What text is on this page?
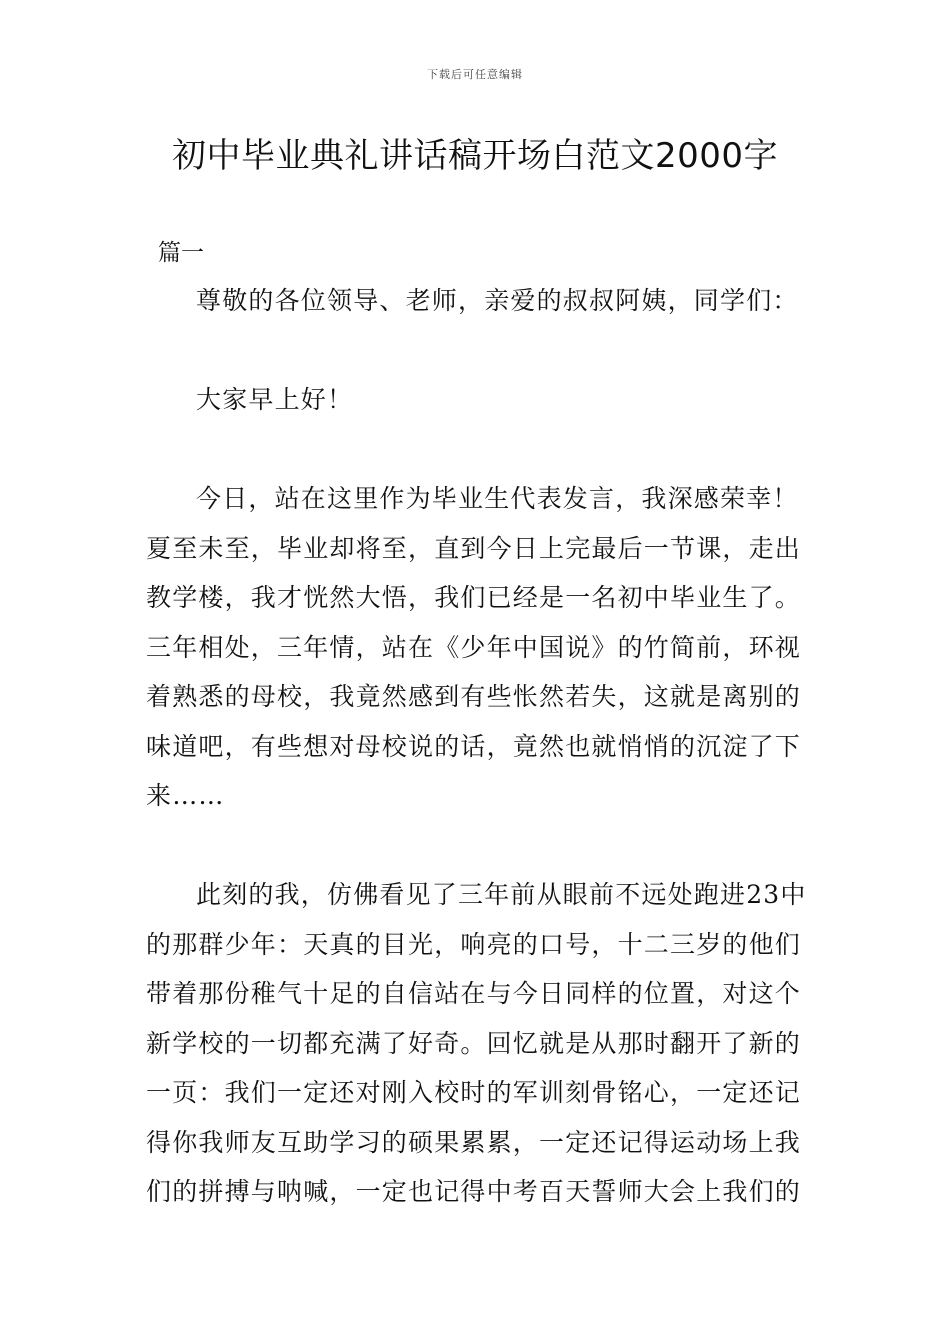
下载后可任意编辑
初中毕业典礼讲话稿开场白范文2000字
篇一

尊敬的各位领导、老师，亲爱的叔叔阿姨，同学们：

大家早上好！

今日，站在这里作为毕业生代表发言，我深感荣幸！夏至未至，毕业却将至，直到今日上完最后一节课，走出教学楼，我才恍然大悟，我们已经是一名初中毕业生了。三年相处，三年情，站在《少年中国说》的竹简前，环视着熟悉的母校，我竟然感到有些怅然若失，这就是离别的味道吧，有些想对母校说的话，竟然也就悄悄的沉淀了下来……

此刻的我，仿佛看见了三年前从眼前不远处跑进23中的那群少年：天真的目光，响亮的口号，十二三岁的他们带着那份稚气十足的自信站在与今日同样的位置，对这个新学校的一切都充满了好奇。回忆就是从那时翻开了新的一页：我们一定还对刚入校时的军训刻骨铭心，一定还记得你我师友互助学习的硕果累累，一定还记得运动场上我们的拼搏与呐喊，一定也记得中考百天誓师大会上我们的
